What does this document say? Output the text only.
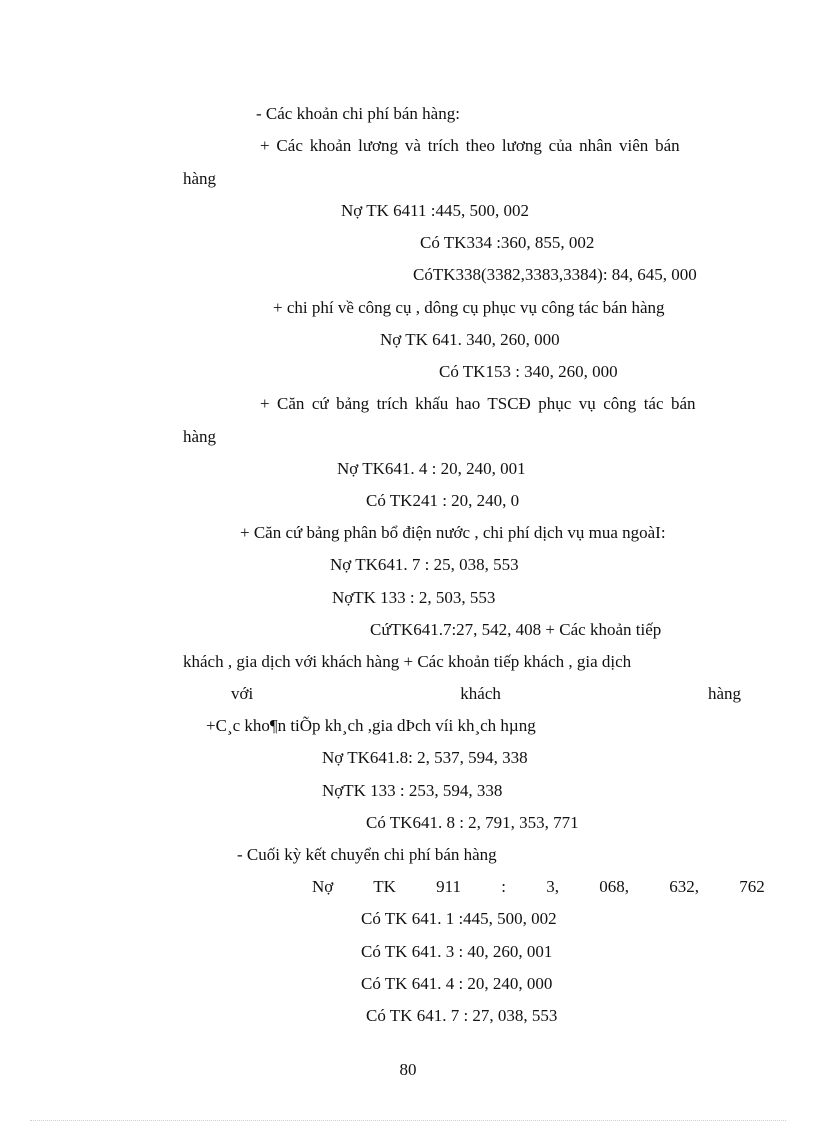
- Các khoản chi phí bán hàng:
+ Các khoản lương và trích theo lương của nhân viên bán
hàng
Nợ TK 6411 :445, 500, 002
Có TK334 :360, 855, 002
CóTK338(3382,3383,3384): 84, 645, 000
+ chi phí về công cụ , dông cụ phục vụ công tác bán hàng
Nợ TK 641. 340, 260, 000
Có TK153 : 340, 260, 000
+ Căn cứ bảng trích khấu hao TSCĐ phục vụ công tác bán
hàng
Nợ TK641. 4 : 20, 240, 001
Có TK241 : 20, 240, 0
+ Căn cứ bảng phân bổ điện nước , chi phí dịch vụ mua ngoàI:
Nợ TK641. 7 : 25, 038, 553
NợTK 133 : 2, 503, 553
CứTK641.7:27, 542, 408 + Các khoản tiếp
khách , gia dịch với khách hàng + Các khoản tiếp khách , gia dịch
với	khách	hàng
+C¸c kho¶n tiÕp kh¸ch ,gia dÞch víi kh¸ch hµng
Nợ TK641.8: 2, 537, 594, 338
NợTK 133 : 253, 594, 338
Có TK641. 8 : 2, 791, 353, 771
- Cuối kỳ kết chuyển chi phí bán hàng
Nợ TK 911 : 3, 068, 632, 762
Có TK 641. 1 :445, 500, 002
Có TK 641. 3 : 40, 260, 001
Có TK 641. 4 : 20, 240, 000
Có TK 641. 7 : 27, 038, 553
80
